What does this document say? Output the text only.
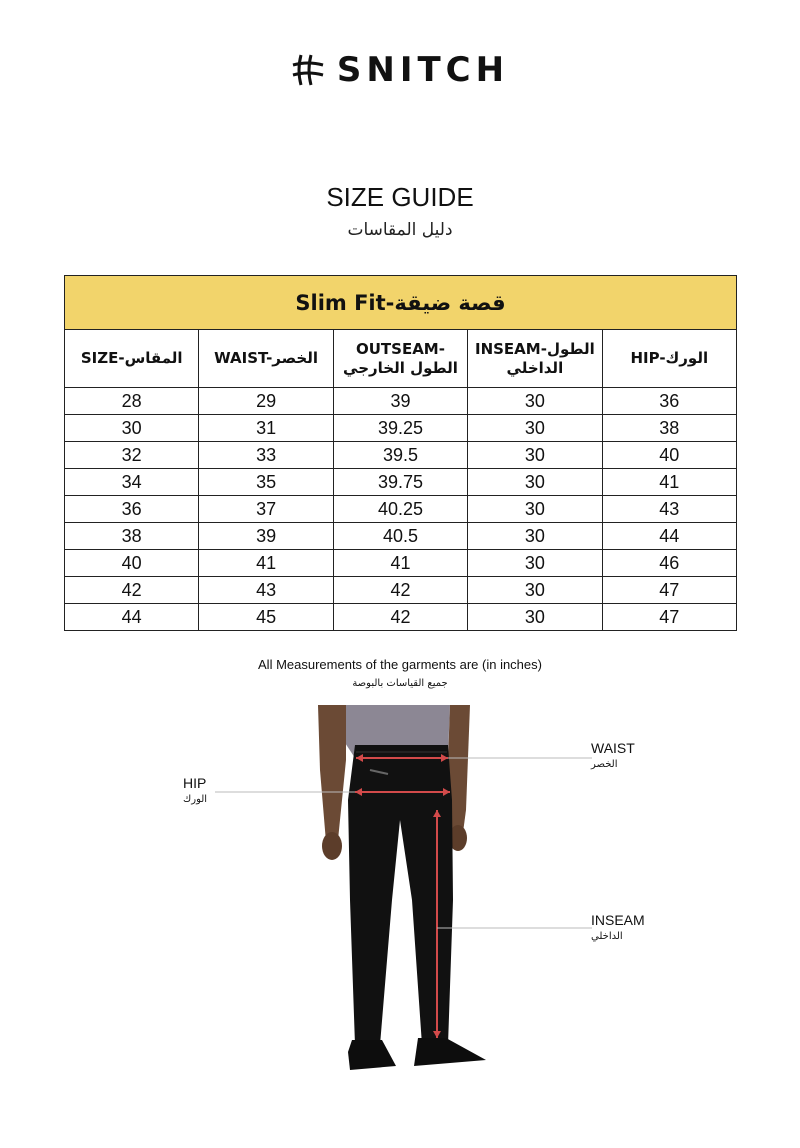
SNITCH
SIZE GUIDE
دليل المقاسات
Slim Fit-قصة ضيقة				
SIZE-المقاس	WAIST-الخصر	OUTSEAM-
الطول الخارجي	INSEAM-الطول
الداخلي	HIP-الورك
28	29	39	30	36
30	31	39.25	30	38
32	33	39.5	30	40
34	35	39.75	30	41
36	37	40.25	30	43
38	39	40.5	30	44
40	41	41	30	46
42	43	42	30	47
44	45	42	30	47
All Measurements of the garments are (in inches)
جميع القياسات بالبوصة
WAIST
الخصر
HIP
الورك
INSEAM
الداخلي
